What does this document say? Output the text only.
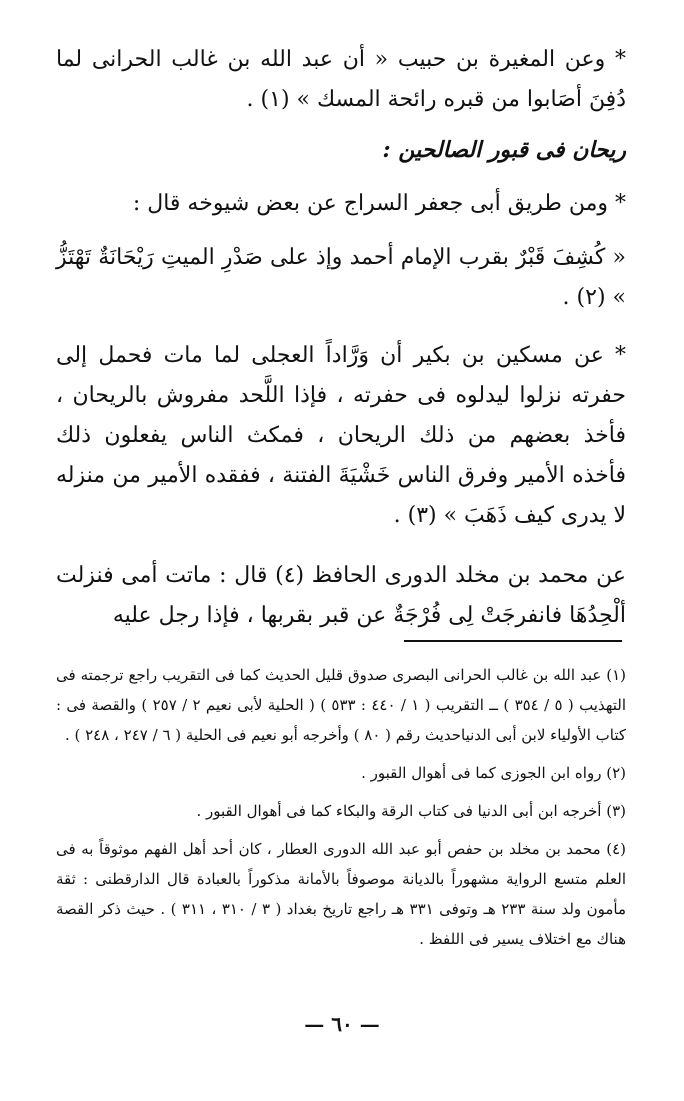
* وعن المغيرة بن حبيب « أن عبد الله بن غالب الحرانى لما دُفِنَ أصَابوا من قبره رائحة المسك » (١) .

ريحان فى قبور الصالحين :

* ومن طريق أبى جعفر السراج عن بعض شيوخه قال :

« كُشِفَ قَبْرٌ بقرب الإمام أحمد وإذ على صَدْرِ الميتِ رَيْحَانَةٌ تَهْتَزُّ » (٢) .

* عن مسكين بن بكير أن وَرَّاداً العجلى لما مات فحمل إلى حفرته نزلوا ليدلوه فى حفرته ، فإذا اللَّحد مفروش بالريحان ، فأخذ بعضهم من ذلك الريحان ، فمكث الناس يفعلون ذلك فأخذه الأمير وفرق الناس خَشْيَةَ الفتنة ، ففقده الأمير من منزله لا يدرى كيف ذَهَبَ » (٣) .

عن محمد بن مخلد الدورى الحافظ (٤) قال : ماتت أمى فنزلت ألْحِدُهَا فانفرجَتْ لِى فُرْجَةٌ عن قبر بقربها ، فإذا رجل عليه

(١) عبد الله بن غالب الحرانى البصرى صدوق قليل الحديث كما فى التقريب راجع ترجمته فى التهذيب ( ٥ / ٣٥٤ ) ــ التقريب ( ١ / ٤٤٠ : ٥٣٣ ) ( الحلية لأبى نعيم ٢ / ٢٥٧ ) والقصة فى : كتاب الأولياء لابن أبى الدنياحديث رقم ( ٨٠ ) وأخرجه أبو نعيم فى الحلية ( ٦ / ٢٤٧ ، ٢٤٨ ) .

(٢) رواه ابن الجوزى كما فى أهوال القبور .

(٣) أخرجه ابن أبى الدنيا فى كتاب الرقة والبكاء كما فى أهوال القبور .

(٤) محمد بن مخلد بن حفص أبو عبد الله الدورى العطار ، كان أحد أهل الفهم موثوقاً به فى العلم متسع الرواية مشهوراً بالديانة موصوفاً بالأمانة مذكوراً بالعبادة قال الدارقطنى : ثقة مأمون ولد سنة ٢٣٣ هـ وتوفى ٣٣١ هـ راجع تاريخ بغداد ( ٣ / ٣١٠ ، ٣١١ ) . حيث ذكر القصة هناك مع اختلاف يسير فى اللفظ .

— ٦٠ —
